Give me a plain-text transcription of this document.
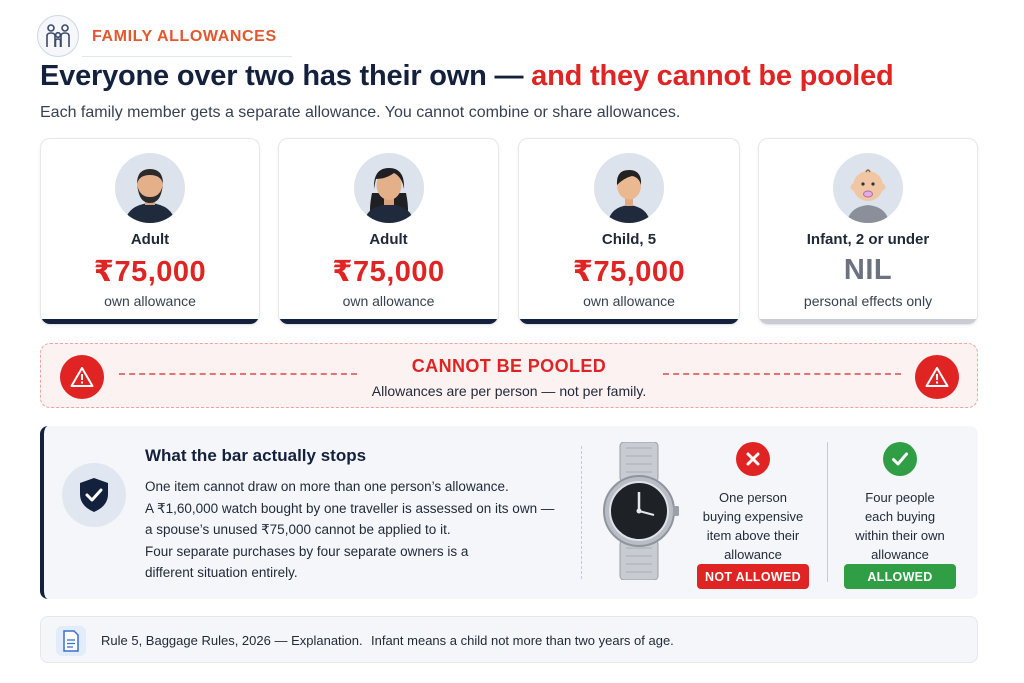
FAMILY ALLOWANCES
Everyone over two has their own — and they cannot be pooled
Each family member gets a separate allowance. You cannot combine or share allowances.
Adult
₹75,000
own allowance
Adult
₹75,000
own allowance
Child, 5
₹75,000
own allowance
Infant, 2 or under
NIL
personal effects only
CANNOT BE POOLED
Allowances are per person — not per family.
What the bar actually stops
One item cannot draw on more than one person’s allowance.
A ₹1,60,000 watch bought by one traveller is assessed on its own —
a spouse’s unused ₹75,000 cannot be applied to it.
Four separate purchases by four separate owners is a
different situation entirely.
One person
buying expensive
item above their
allowance
NOT ALLOWED
Four people
each buying
within their own
allowance
ALLOWED
Rule 5, Baggage Rules, 2026 — Explanation. Infant means a child not more than two years of age.
